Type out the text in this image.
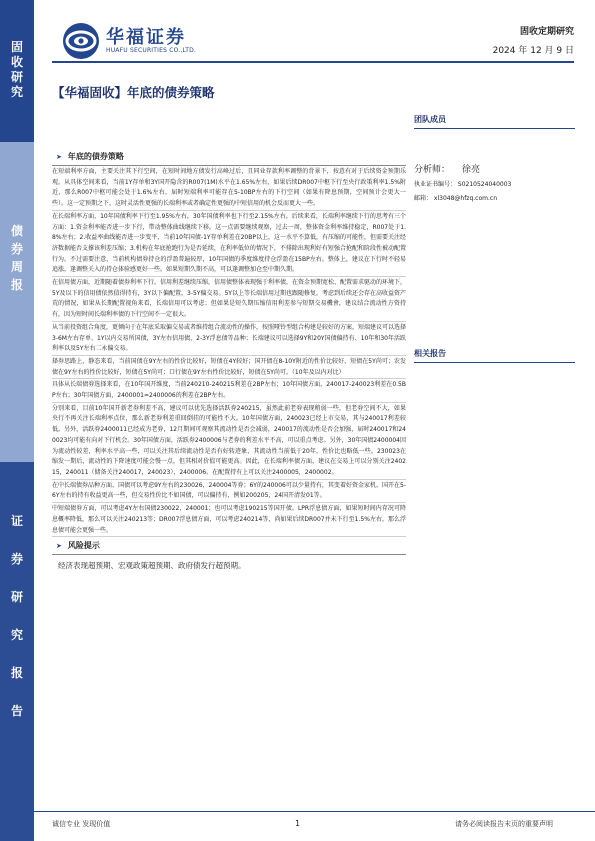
固
收
研
究
债
券
周
报
证
券
研
究
报
告
华福证券
HUAFU SECURITIES CO.,LTD.
固收定期研究
2024 年 12 月 9 日
【华福固收】年底的债券策略
➤ 年底的债券策略
在短端利率方面，主要关注其下行空间，在短时间地方债发行高峰过后，且同业存款利率调整的背景下，按意有对于后续资金预期乐观。从具体空间来看，当前1Y存单和3Y国开隐含的R007(1M)水平在1.65%左右，如果后续DR007中枢下行至央行政策利率1.5%附近，那么R007中枢可能会处于1.6%左右，届时短端利率可能存在5-10BP左右的下行空间（如果有降息预期，空间预计会更大一些）。这一定预期之下，这时灵活性更强的长端利率或者确定性更强的中短信用的机会反而更大一些。
在长端利率方面，10年国债利率下行至1.95%左右，30年国债利率也下行至2.15%左右。后续来看，长端利率继续下行的思考有三个方面：1.资金利率能否进一步下行，带动整体曲线继续下移。这一点需要继续观察，过去一周，整体资金利率维持稳定，R007处于1.8%左右；2.收益率曲线能否进一步变平，当前10年国债-1Y存单利差在20BP以上，这一水平不算低，有压缩的可能性，但需要关注经济数据能否支撑该利差压缩；3.机构在年底抢跑行为是否延续，在利率低位的情况下，不排除出现利好有短强合抢配和阶段性被动配置行为。不过需要注意，当前机构债券持仓的浮盈普遍较厚，10年国债的季度维度持仓浮盈在15BP左右。整体上，建议在下行时不轻易追涨，逢调整关入的持仓体验感更好一些。如果短期久期不高，可以逢调整加仓至中期久期。
在信用债方面，近期随着债券利率下行，信用利差继续压缩，信用债整体表现强于利率债，在资金预期宽松、配置需求驱动的环境下，5Y及以下的信用债依然值得持有，3Y以下偏配置，3-5Y偏交易。5Y以上等长端信用过期也跟随修复，考虑到后续还会存在高收益资产荒的情况，如果从长期配置视角来看，长端信用可以考虑；但如果是短久期压缩信用利差参与短期交易機會，建议结合流动性方资持有，因为短时间长端利率债的下行空间不一定很大。
从当前投资组合角度，更倾向于在年底采取偏交易或者维持组合流动性的操作，按照哑铃型组合构建是较好的方案，短端建议可以选择3-6M左右存单、1Y以内交易所国债，3Y左右信用债、2-3Y浮息债等品种；长端建议可以选择9Y和20Y国债偏持有、10年和30年活跃利率以及5Y左右二永偏交易。
择券思路上，静态来看，当前国债在9Y左右的性价比较好，短债在4Y较好；国开债在8-10Y附近的性价比较好，短债在5Y尚可；农发债在9Y左右的性价比较好，短债在5Y尚可；口行债在9Y左右性价比较好，短债在5Y尚可。（10年及以内对比）
具体从长端债券选择来看，在10年国开维度，当前240210-240215利差在2BP左右；10年国债方面，240017-240023利差在0.5BP左右；30年国债方面，2400001=2400006的利差在2BP左右。
分别来看，目前10年国开新老券利差不高，建议可以优先选择活跃券240215，虽然此前老券表现稍弱一些，但老券空间不大，如果央行不再关注长端利率点位，那么新老券利差重回倒挂的可能性不大。10年国债方面，240023已经上市交易，其与240017利差较低。另外，活跃券2400011已经成为老券，12月期间可观察其流动性是否会减弱，240017的流动性是否会加强，届时240017和240023均可能有向对下行机会。30年国债方面，活跃券2400006与老券的利差水平不高，可以重点考虑。另外，30年国债2400004因为流动性较差，利率水平高一些，可以关注其后续流动性是否有好转迹象，其流动性当前低于20年，性价比也略低一些。230023在缩发一期后，流动性的下降速度可能会慢一点，但其相对价值可能更高。因此，在长端利率债方面，建议在交易上可以分别关注240215，240011（储备关注240017，240023），2400006。在配置持有上可以关注2400005，2400002。
在中长端债券品种方面，国债可以考虑9Y左右的230026，240004等券；6Y的240006可以少量持有，其变着好资金家机。国开在5-6Y左右的持有收益更高一些，但交易性价比不如国债，可以偏持有，例如200205，24国开清发01等。
中短端债券方面，可以考虑4Y左右国债230022，240001；也可以考虑190215等国开债。LPR浮息债方面，如果短时间内存况可降息概率降低，那么可以关注240213等；DR007浮息债方面，可以考虑240214等，尚如果后续DR007并未下行至1.5%左右，那么浮息债可能会更强一些。
➤ 风险提示
经济表现超预期、宏观政策超预期、政府债发行超预期。
团队成员
分析师： 徐亮
执业证书编号： S0210524040003
邮箱： xl3048@hfzq.com.cn
相关报告
诚信专业 发现价值	1	请务必阅读报告末页的重要声明
